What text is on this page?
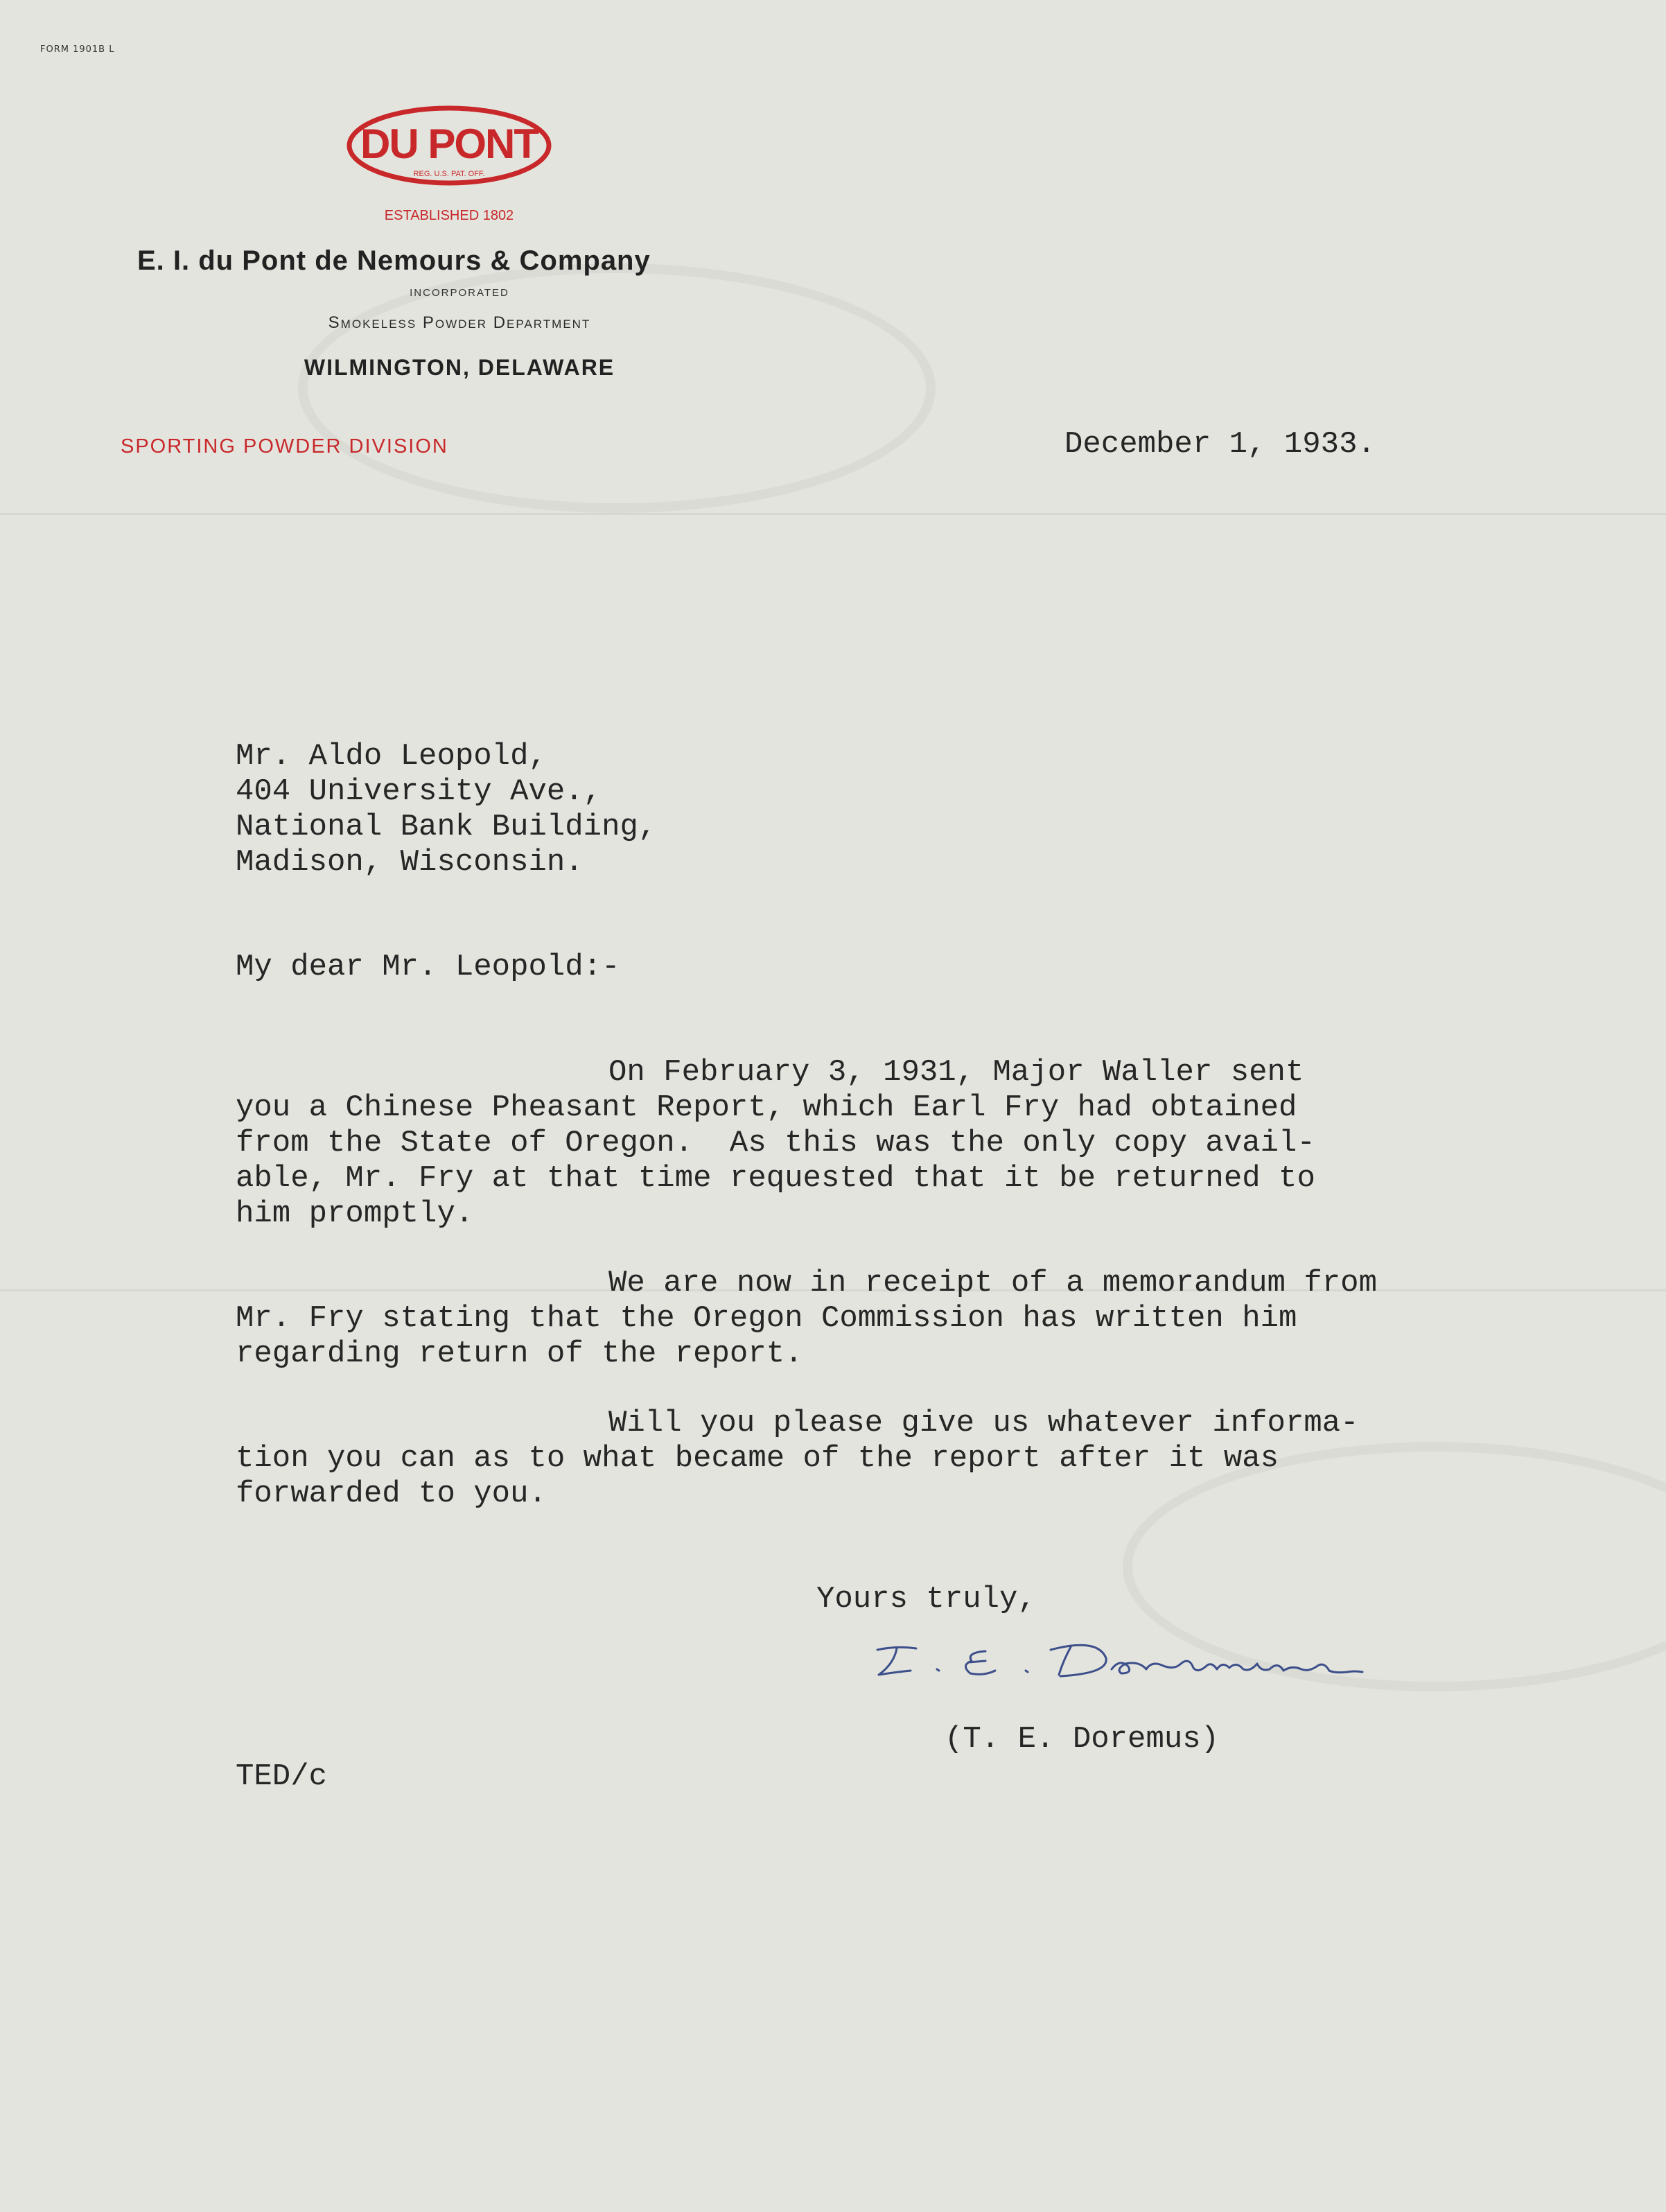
FORM 1901B L
DU PONT
REG. U.S. PAT. OFF.
ESTABLISHED 1802
E. I. du Pont de Nemours & Company
INCORPORATED
Smokeless Powder Department
WILMINGTON, DELAWARE
SPORTING POWDER DIVISION	December 1, 1933.
Mr. Aldo Leopold,
404 University Ave.,
National Bank Building,
Madison, Wisconsin.
My dear Mr. Leopold:-
On February 3, 1931, Major Waller sent
you a Chinese Pheasant Report, which Earl Fry had obtained
from the State of Oregon.  As this was the only copy avail-
able, Mr. Fry at that time requested that it be returned to
him promptly.
We are now in receipt of a memorandum from
Mr. Fry stating that the Oregon Commission has written him
regarding return of the report.
Will you please give us whatever informa-
tion you can as to what became of the report after it was
forwarded to you.
Yours truly,
(T. E. Doremus)
TED/c
